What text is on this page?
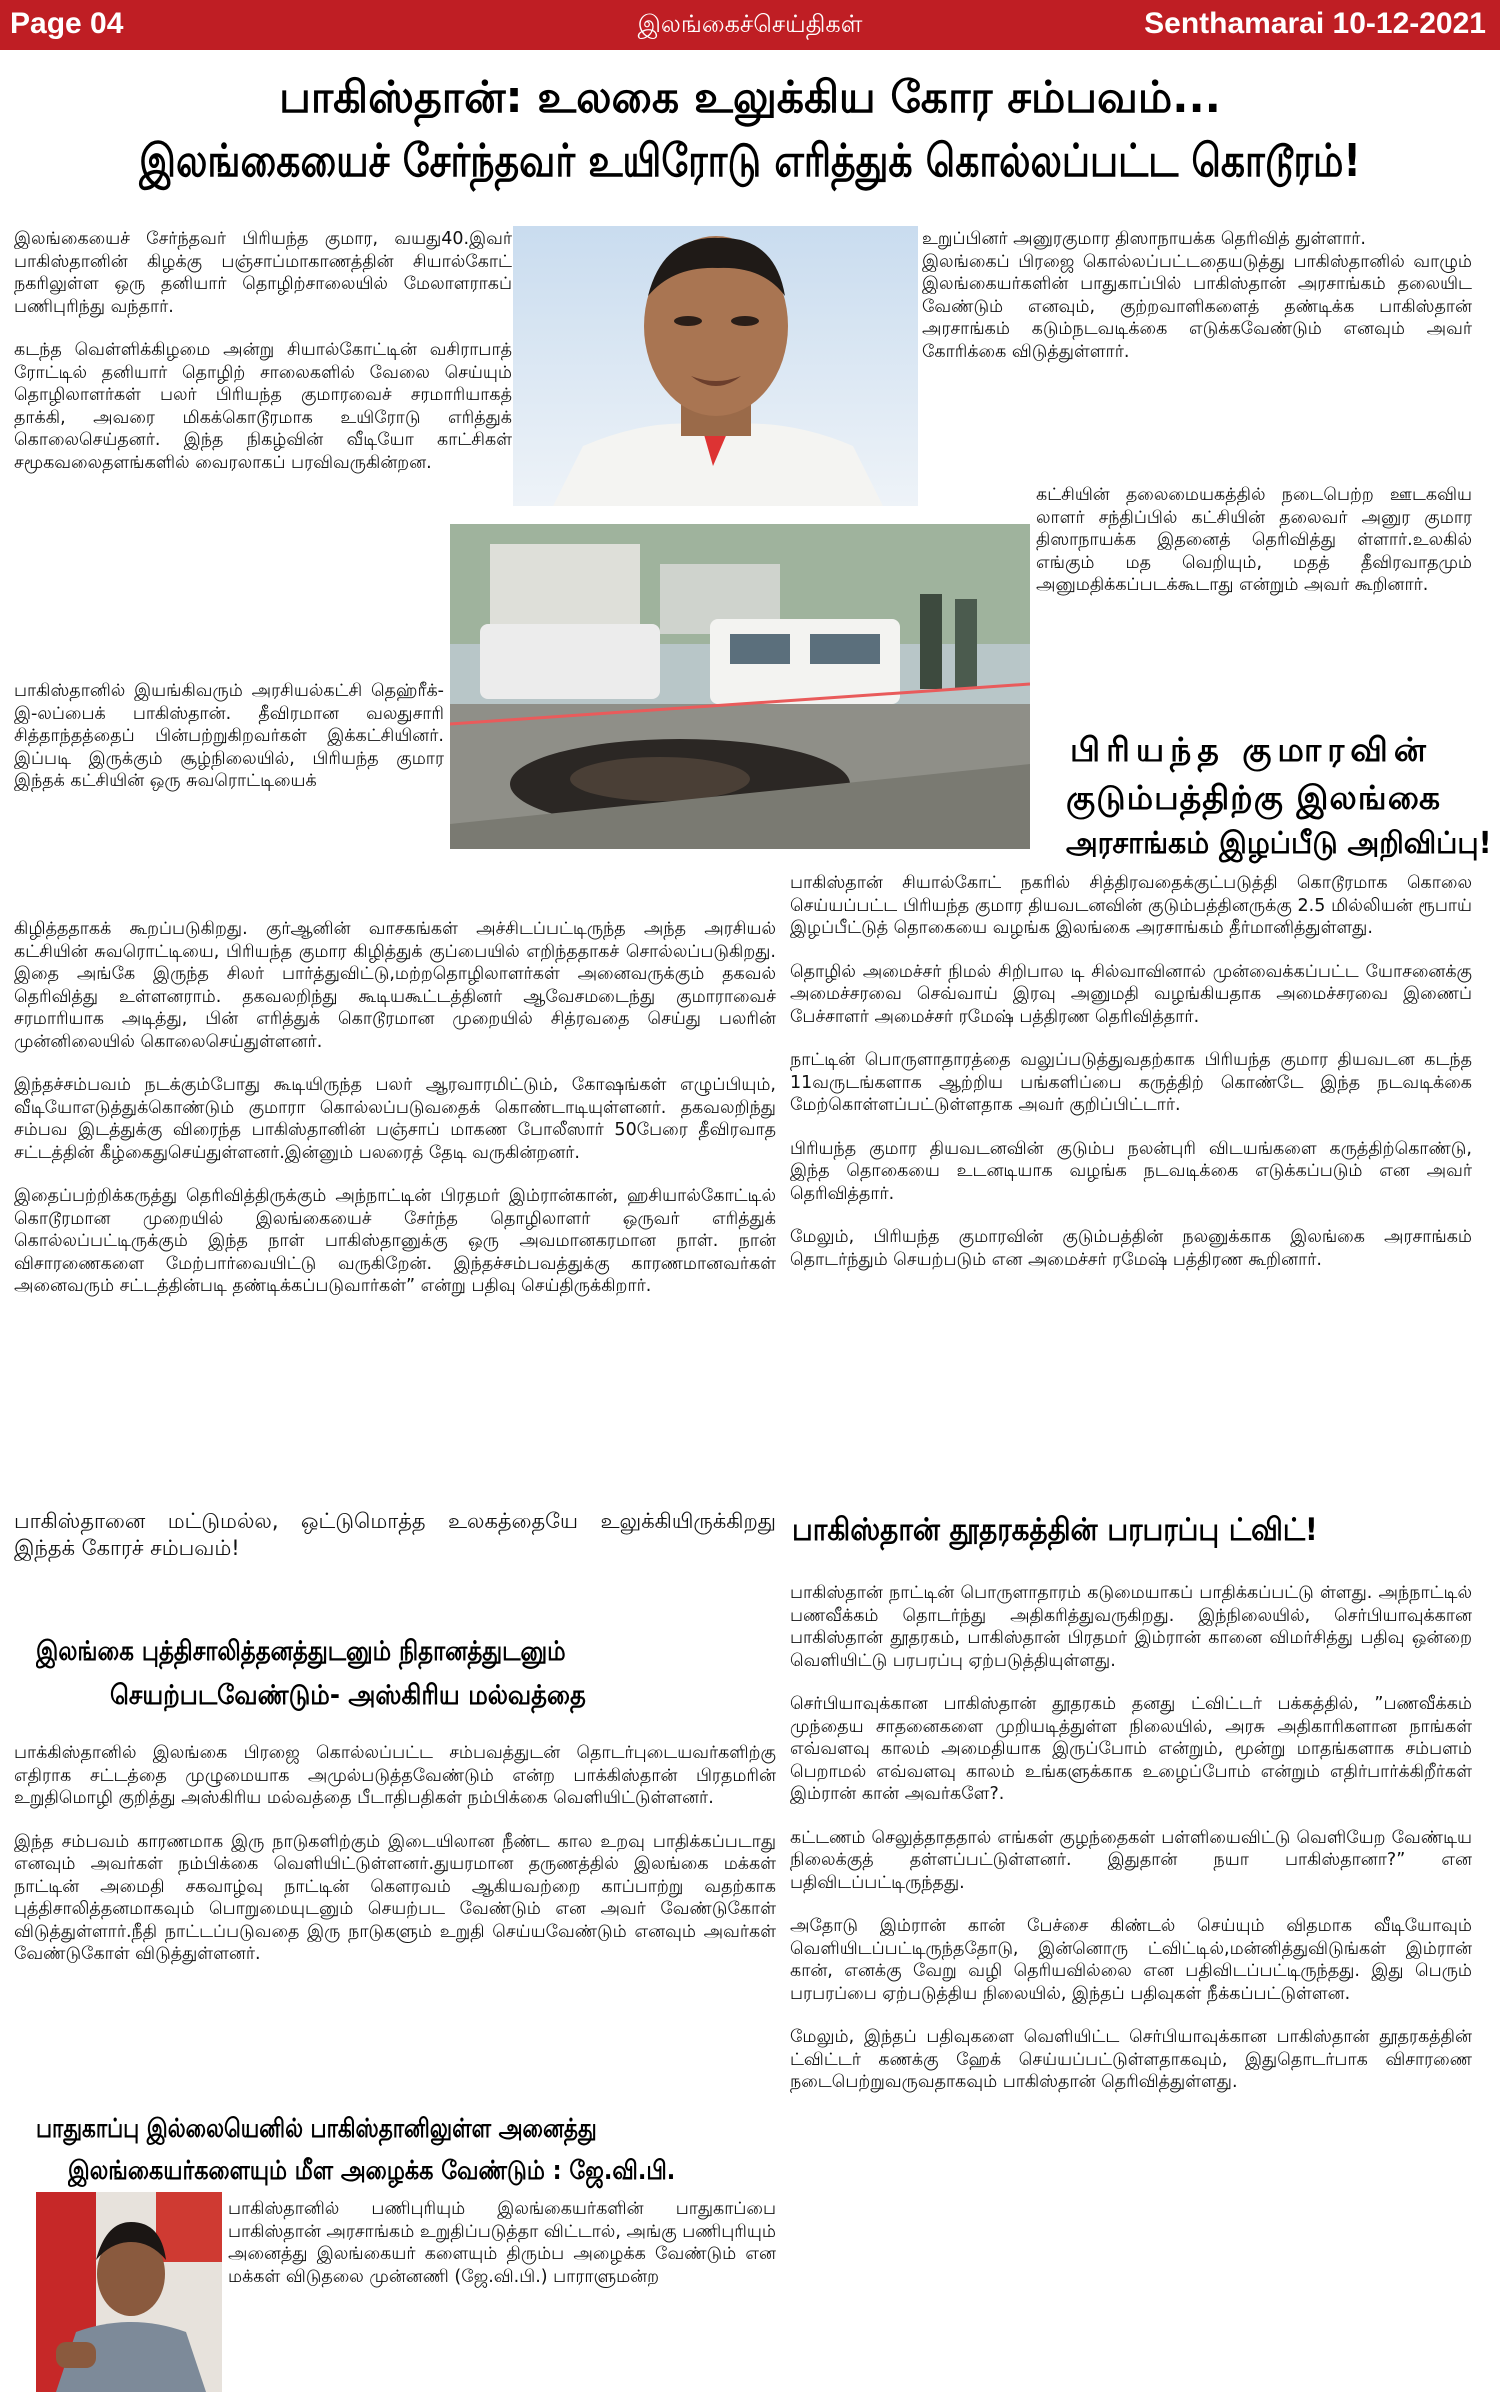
Page 04	இலங்கைச்செய்திகள்	Senthamarai 10-12-2021
பாகிஸ்தான்: உலகை உலுக்கிய கோர சம்பவம்...
இலங்கையைச் சேர்ந்தவர் உயிரோடு எரித்துக் கொல்லப்பட்ட கொடூரம்!

இலங்கையைச் சேர்ந்தவர் பிரியந்த குமார, வயது40.இவர் பாகிஸ்தானின் கிழக்கு பஞ்சாப்மாகாணத்தின் சியால்கோட் நகரிலுள்ள ஒரு தனியார் தொழிற்சாலையில் மேலாளராகப் பணிபுரிந்து வந்தார்.

கடந்த வெள்ளிக்கிழமை அன்று சியால்கோட்டின் வசிராபாத் ரோட்டில் தனியார் தொழிற் சாலைகளில் வேலை செய்யும் தொழிலாளர்கள் பலர் பிரியந்த குமாரவைச் சரமாரியாகத் தாக்கி, அவரை மிகக்கொடூரமாக உயிரோடு எரித்துக் கொலைசெய்தனர். இந்த நிகழ்வின் வீடியோ காட்சிகள் சமூகவலைதளங்களில் வைரலாகப் பரவிவருகின்றன.

பாகிஸ்தானில் இயங்கிவரும் அரசியல்கட்சி தெஹ்ரீக்-இ-லப்பைக் பாகிஸ்தான். தீவிரமான வலதுசாரி சித்தாந்தத்தைப் பின்பற்றுகிறவர்கள் இக்கட்சியினர். இப்படி இருக்கும் சூழ்நிலையில், பிரியந்த குமார இந்தக் கட்சியின் ஒரு சுவரொட்டியைக்

கிழித்ததாகக் கூறப்படுகிறது. குர்ஆனின் வாசகங்கள் அச்சிடப்பட்டிருந்த அந்த அரசியல் கட்சியின் சுவரொட்டியை, பிரியந்த குமார கிழித்துக் குப்பையில் எறிந்ததாகச் சொல்லப்படுகிறது. இதை அங்கே இருந்த சிலர் பார்த்துவிட்டு,மற்றதொழிலாளர்கள் அனைவருக்கும் தகவல் தெரிவித்து உள்ளனராம். தகவலறிந்து கூடியகூட்டத்தினர் ஆவேசமடைந்து குமாராவைச் சரமாரியாக அடித்து, பின் எரித்துக் கொடூரமான முறையில் சித்ரவதை செய்து பலரின் முன்னிலையில் கொலைசெய்துள்ளனர்.

இந்தச்சம்பவம் நடக்கும்போது கூடியிருந்த பலர் ஆரவாரமிட்டும், கோஷங்கள் எழுப்பியும், வீடியோஎடுத்துக்கொண்டும் குமாரா கொல்லப்படுவதைக் கொண்டாடியுள்ளனர். தகவலறிந்து சம்பவ இடத்துக்கு விரைந்த பாகிஸ்தானின் பஞ்சாப் மாகண போலீஸார் 50பேரை தீவிரவாத சட்டத்தின் கீழ்கைதுசெய்துள்ளனர்.இன்னும் பலரைத் தேடி வருகின்றனர்.

இதைப்பற்றிக்கருத்து தெரிவித்திருக்கும் அந்நாட்டின் பிரதமர் இம்ரான்கான், ஹசியால்கோட்டில் கொடூரமான முறையில் இலங்கையைச் சேர்ந்த தொழிலாளர் ஒருவர் எரித்துக் கொல்லப்பட்டிருக்கும் இந்த நாள் பாகிஸ்தானுக்கு ஒரு அவமானகரமான நாள். நான் விசாரணைகளை மேற்பார்வையிட்டு வருகிறேன். இந்தச்சம்பவத்துக்கு காரணமானவர்கள் அனைவரும் சட்டத்தின்படி தண்டிக்கப்படுவார்கள்” என்று பதிவு செய்திருக்கிறார்.

பாகிஸ்தானை மட்டுமல்ல, ஒட்டுமொத்த உலகத்தையே உலுக்கியிருக்கிறது இந்தக் கோரச் சம்பவம்!

உறுப்பினர் அனுரகுமார திஸாநாயக்க தெரிவித் துள்ளார்.

இலங்கைப் பிரஜை கொல்லப்பட்டதையடுத்து பாகிஸ்தானில் வாழும் இலங்கையர்களின் பாதுகாப்பில் பாகிஸ்தான் அரசாங்கம் தலையிட வேண்டும் எனவும், குற்றவாளிகளைத் தண்டிக்க பாகிஸ்தான் அரசாங்கம் கடும்நடவடிக்கை எடுக்கவேண்டும் எனவும் அவர் கோரிக்கை விடுத்துள்ளார்.

கட்சியின் தலைமையகத்தில் நடைபெற்ற ஊடகவிய லாளர் சந்திப்பில் கட்சியின் தலைவர் அனுர குமார திஸாநாயக்க இதனைத் தெரிவித்து ள்ளார்.உலகில் எங்கும் மத வெறியும், மதத் தீவிரவாதமும் அனுமதிக்கப்படக்கூடாது என்றும் அவர் கூறினார்.

பிரியந்த குமாரவின்
குடும்பத்திற்கு இலங்கை
அரசாங்கம் இழப்பீடு அறிவிப்பு!

பாகிஸ்தான் சியால்கோட் நகரில் சித்திரவதைக்குட்படுத்தி கொடூரமாக கொலை செய்யப்பட்ட பிரியந்த குமார தியவடனவின் குடும்பத்தினருக்கு 2.5 மில்லியன் ரூபாய் இழப்பீட்டுத் தொகையை வழங்க இலங்கை அரசாங்கம் தீர்மானித்துள்ளது.

தொழில் அமைச்சர் நிமல் சிறிபால டி சில்வாவினால் முன்வைக்கப்பட்ட யோசனைக்கு அமைச்சரவை செவ்வாய் இரவு அனுமதி வழங்கியதாக அமைச்சரவை இணைப் பேச்சாளர் அமைச்சர் ரமேஷ் பத்திரண தெரிவித்தார்.

நாட்டின் பொருளாதாரத்தை வலுப்படுத்துவதற்காக பிரியந்த குமார தியவடன கடந்த 11வருடங்களாக ஆற்றிய பங்களிப்பை கருத்திற் கொண்டே இந்த நடவடிக்கை மேற்கொள்ளப்பட்டுள்ளதாக அவர் குறிப்பிட்டார்.

பிரியந்த குமார தியவடனவின் குடும்ப நலன்புரி விடயங்களை கருத்திற்கொண்டு, இந்த தொகையை உடனடியாக வழங்க நடவடிக்கை எடுக்கப்படும் என அவர் தெரிவித்தார்.

மேலும், பிரியந்த குமாரவின் குடும்பத்தின் நலனுக்காக இலங்கை அரசாங்கம் தொடர்ந்தும் செயற்படும் என அமைச்சர் ரமேஷ் பத்திரண கூறினார்.

பாகிஸ்தான் தூதரகத்தின் பரபரப்பு ட்விட்!

பாகிஸ்தான் நாட்டின் பொருளாதாரம் கடுமையாகப் பாதிக்கப்பட்டு ள்ளது. அந்நாட்டில் பணவீக்கம் தொடர்ந்து அதிகரித்துவருகிறது. இந்நிலையில், செர்பியாவுக்கான பாகிஸ்தான் தூதரகம், பாகிஸ்தான் பிரதமர் இம்ரான் கானை விமர்சித்து பதிவு ஒன்றை வெளியிட்டு பரபரப்பு ஏற்படுத்தியுள்ளது.

செர்பியாவுக்கான பாகிஸ்தான் தூதரகம் தனது ட்விட்டர் பக்கத்தில், ”பணவீக்கம் முந்தைய சாதனைகளை முறியடித்துள்ள நிலையில், அரசு அதிகாரிகளான நாங்கள் எவ்வளவு காலம் அமைதியாக இருப்போம் என்றும், மூன்று மாதங்களாக சம்பளம் பெறாமல் எவ்வளவு காலம் உங்களுக்காக உழைப்போம் என்றும் எதிர்பார்க்கிறீர்கள் இம்ரான் கான் அவர்களே?.

கட்டணம் செலுத்தாததால் எங்கள் குழந்தைகள் பள்ளியைவிட்டு வெளியேற வேண்டிய நிலைக்குத் தள்ளப்பட்டுள்ளனர். இதுதான் நயா பாகிஸ்தானா?” என பதிவிடப்பட்டிருந்தது.

அதோடு இம்ரான் கான் பேச்சை கிண்டல் செய்யும் விதமாக வீடியோவும் வெளியிடப்பட்டிருந்ததோடு, இன்னொரு ட்விட்டில்,மன்னித்துவிடுங்கள் இம்ரான் கான், எனக்கு வேறு வழி தெரியவில்லை என பதிவிடப்பட்டிருந்தது. இது பெரும் பரபரப்பை ஏற்படுத்திய நிலையில், இந்தப் பதிவுகள் நீக்கப்பட்டுள்ளன.

மேலும், இந்தப் பதிவுகளை வெளியிட்ட செர்பியாவுக்கான பாகிஸ்தான் தூதரகத்தின் ட்விட்டர் கணக்கு ஹேக் செய்யப்பட்டுள்ளதாகவும், இதுதொடர்பாக விசாரணை நடைபெற்றுவருவதாகவும் பாகிஸ்தான் தெரிவித்துள்ளது.

இலங்கை புத்திசாலித்தனத்துடனும் நிதானத்துடனும்
செயற்படவேண்டும்- அஸ்கிரிய மல்வத்தை

பாக்கிஸ்தானில் இலங்கை பிரஜை கொல்லப்பட்ட சம்பவத்துடன் தொடர்புடையவர்களிற்கு எதிராக சட்டத்தை முழுமையாக அமுல்படுத்தவேண்டும் என்ற பாக்கிஸ்தான் பிரதமரின் உறுதிமொழி குறித்து அஸ்கிரிய மல்வத்தை பீடாதிபதிகள் நம்பிக்கை வெளியிட்டுள்ளனர்.

இந்த சம்பவம் காரணமாக இரு நாடுகளிற்கும் இடையிலான நீண்ட கால உறவு பாதிக்கப்படாது எனவும் அவர்கள் நம்பிக்கை வெளியிட்டுள்ளனர்.துயரமான தருணத்தில் இலங்கை மக்கள் நாட்டின் அமைதி சகவாழ்வு நாட்டின் கௌரவம் ஆகியவற்றை காப்பாற்று வதற்காக புத்திசாலித்தனமாகவும் பொறுமையுடனும் செயற்பட வேண்டும் என அவர் வேண்டுகோள் விடுத்துள்ளார்.நீதி நாட்டப்படுவதை இரு நாடுகளும் உறுதி செய்யவேண்டும் எனவும் அவர்கள் வேண்டுகோள் விடுத்துள்ளனர்.

பாதுகாப்பு இல்லையெனில் பாகிஸ்தானிலுள்ள அனைத்து
இலங்கையர்களையும் மீள அழைக்க வேண்டும் : ஜே.வி.பி.

பாகிஸ்தானில் பணிபுரியும் இலங்கையர்களின் பாதுகாப்பை பாகிஸ்தான் அரசாங்கம் உறுதிப்படுத்தா விட்டால், அங்கு பணிபுரியும் அனைத்து இலங்கையர் களையும் திரும்ப அழைக்க வேண்டும் என மக்கள் விடுதலை முன்னணி (ஜே.வி.பி.) பாராளுமன்ற
